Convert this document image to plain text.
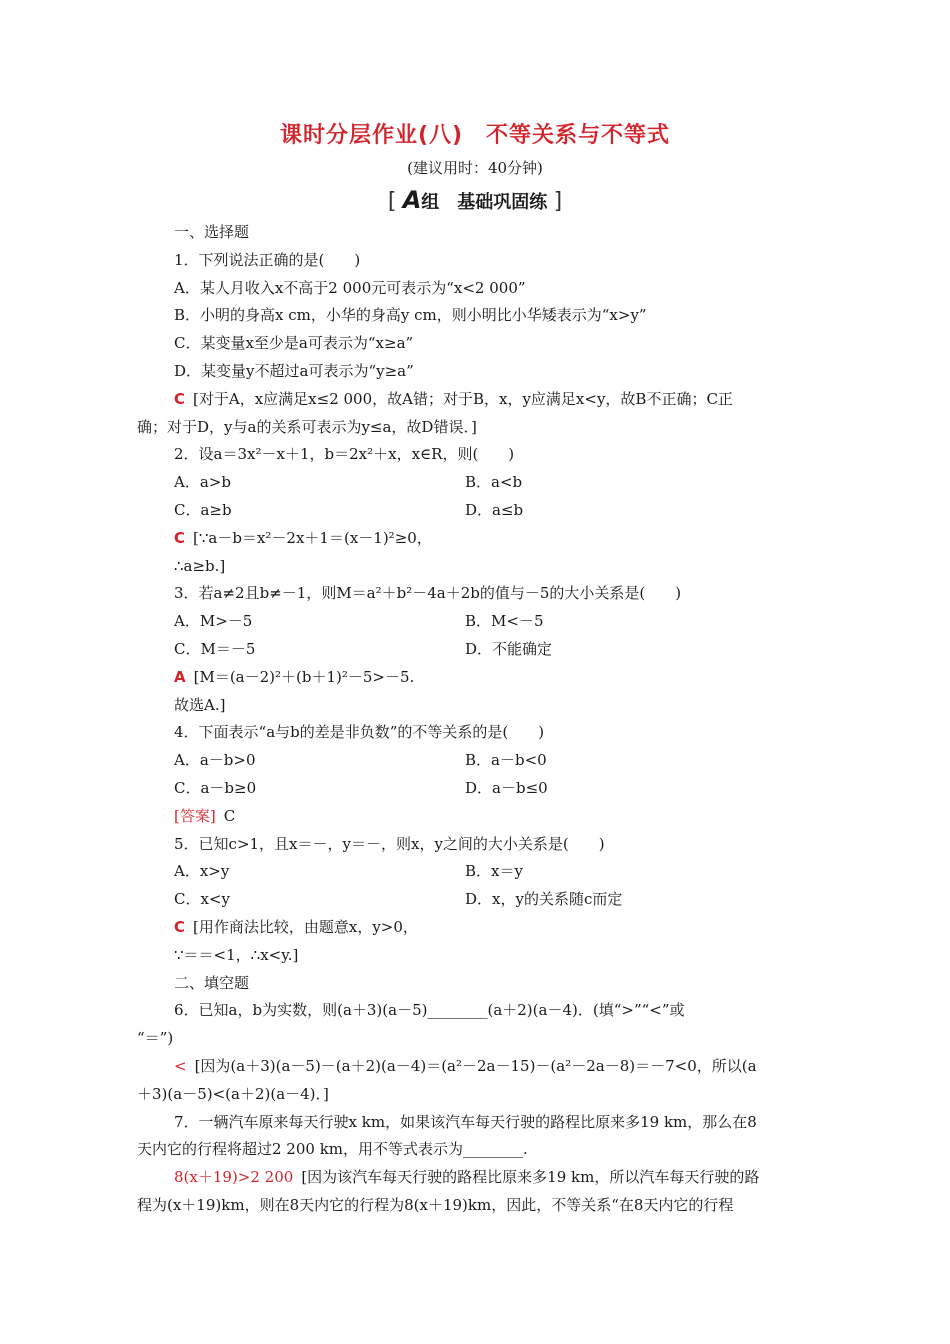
课时分层作业(八)　不等关系与不等式
(建议用时：40分钟)
[ A组　基础巩固练 ]
一、选择题
1．下列说法正确的是(　　)
A．某人月收入x不高于2 000元可表示为“x<2 000”
B．小明的身高x cm，小华的身高y cm，则小明比小华矮表示为“x>y”
C．某变量x至少是a可表示为“x≥a”
D．某变量y不超过a可表示为“y≥a”
C [对于A，x应满足x≤2 000，故A错；对于B，x，y应满足x<y，故B不正确；C正
确；对于D，y与a的关系可表示为y≤a，故D错误．]
2．设a＝3x²－x＋1，b＝2x²＋x，x∈R，则(　　)
A．a>b	B．a<b
C．a≥b	D．a≤b
C [∵a－b＝x²－2x＋1＝(x－1)²≥0，
∴a≥b.]
3．若a≠2且b≠－1，则M＝a²＋b²－4a＋2b的值与－5的大小关系是(　　)
A．M>－5	B．M<－5
C．M＝－5	D．不能确定
A [M＝(a－2)²＋(b＋1)²－5>－5.
故选A.]
4．下面表示“a与b的差是非负数”的不等关系的是(　　)
A．a－b>0	B．a－b<0
C．a－b≥0	D．a－b≤0
[答案] C
5．已知c>1，且x＝－，y＝－，则x，y之间的大小关系是(　　)
A．x>y	B．x＝y
C．x<y	D．x，y的关系随c而定
C [用作商法比较，由题意x，y>0，
∵＝＝<1，∴x<y.]
二、填空题
6．已知a，b为实数，则(a＋3)(a－5)________(a＋2)(a－4)．(填“>”“<”或
“＝”)
< [因为(a＋3)(a－5)－(a＋2)(a－4)＝(a²－2a－15)－(a²－2a－8)＝－7<0，所以(a
＋3)(a－5)<(a＋2)(a－4)．]
7．一辆汽车原来每天行驶x km，如果该汽车每天行驶的路程比原来多19 km，那么在8
天内它的行程将超过2 200 km，用不等式表示为________.
8(x＋19)>2 200 [因为该汽车每天行驶的路程比原来多19 km，所以汽车每天行驶的路
程为(x＋19)km，则在8天内它的行程为8(x＋19)km，因此，不等关系“在8天内它的行程
